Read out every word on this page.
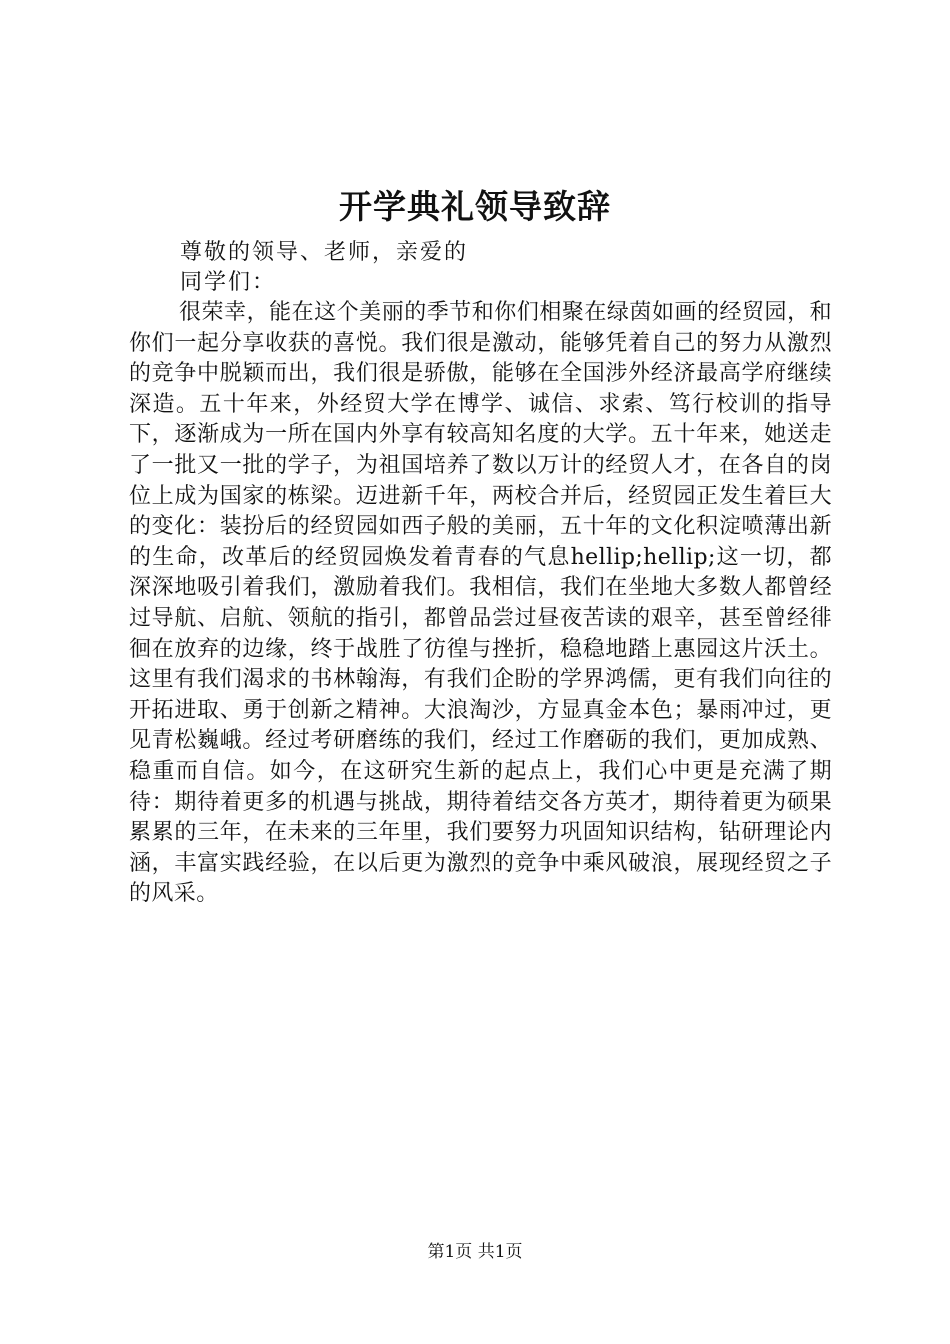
开学典礼领导致辞
尊敬的领导、老师，亲爱的
同学们：

很荣幸，能在这个美丽的季节和你们相聚在绿茵如画的经贸园，和你们一起分享收获的喜悦。我们很是激动，能够凭着自己的努力从激烈的竞争中脱颖而出，我们很是骄傲，能够在全国涉外经济最高学府继续深造。五十年来，外经贸大学在博学、诚信、求索、笃行校训的指导下，逐渐成为一所在国内外享有较高知名度的大学。五十年来，她送走了一批又一批的学子，为祖国培养了数以万计的经贸人才，在各自的岗位上成为国家的栋梁。迈进新千年，两校合并后，经贸园正发生着巨大的变化：装扮后的经贸园如西子般的美丽，五十年的文化积淀喷薄出新的生命，改革后的经贸园焕发着青春的气息hellip;hellip;这一切，都深深地吸引着我们，激励着我们。我相信，我们在坐地大多数人都曾经过导航、启航、领航的指引，都曾品尝过昼夜苦读的艰辛，甚至曾经徘徊在放弃的边缘，终于战胜了彷徨与挫折，稳稳地踏上惠园这片沃土。这里有我们渴求的书林翰海，有我们企盼的学界鸿儒，更有我们向往的开拓进取、勇于创新之精神。大浪淘沙，方显真金本色；暴雨冲过，更见青松巍峨。经过考研磨练的我们，经过工作磨砺的我们，更加成熟、稳重而自信。如今，在这研究生新的起点上，我们心中更是充满了期待：期待着更多的机遇与挑战，期待着结交各方英才，期待着更为硕果累累的三年，在未来的三年里，我们要努力巩固知识结构，钻研理论内涵，丰富实践经验，在以后更为激烈的竞争中乘风破浪，展现经贸之子的风采。

第1页 共1页
